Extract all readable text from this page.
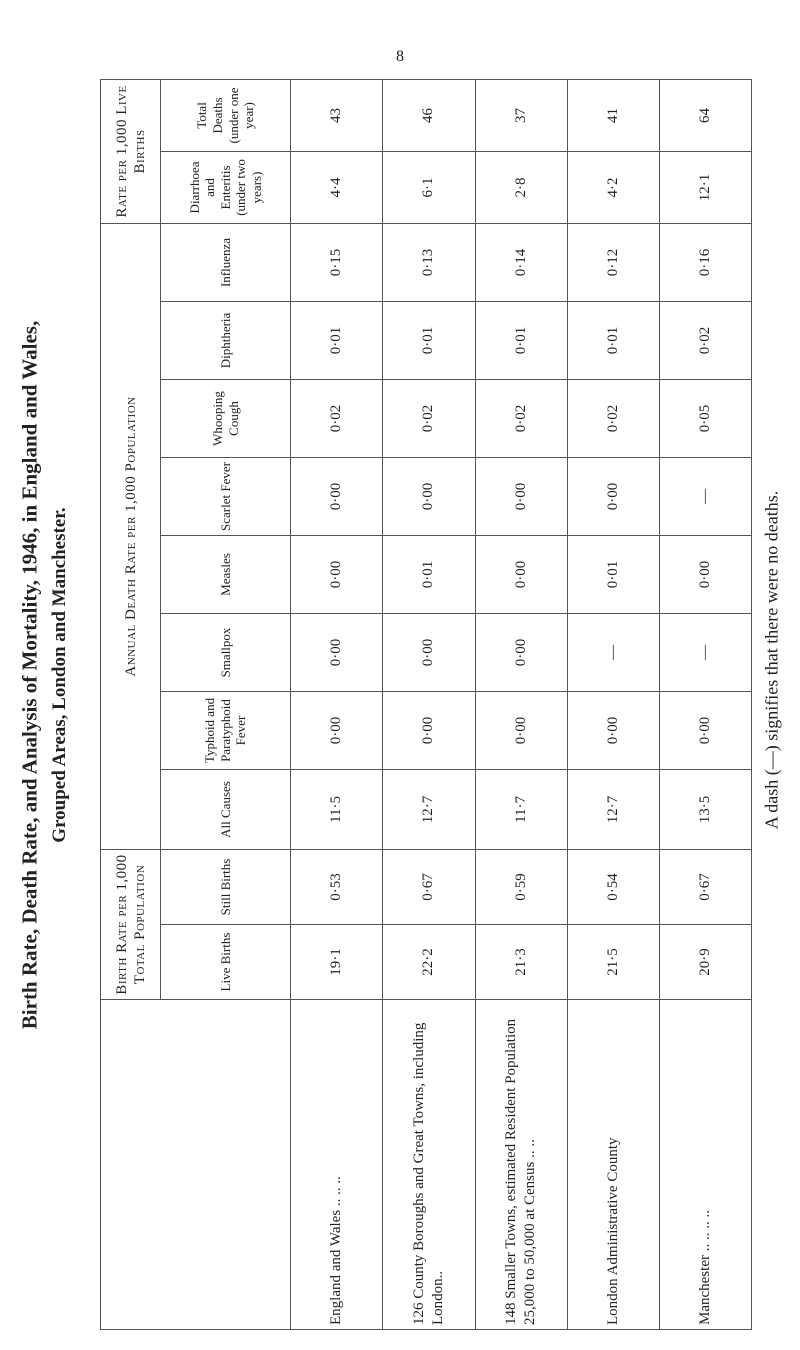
8
Birth Rate, Death Rate, and Analysis of Mortality, 1946, in England and Wales, Grouped Areas, London and Manchester.
	Birth Rate per 1,000 Total Population		Annual Death Rate per 1,000 Population								Rate per 1,000 Live Births	
	Live Births	Still Births	All Causes	Typhoid and Paratyphoid Fever	Smallpox	Measles	Scarlet Fever	Whooping Cough	Diphtheria	Influenza	Diarrhoea and Enteritis (under two years)	Total Deaths (under one year)
England and Wales .. .. ..	19·1	0·53	11·5	0·00	0·00	0·00	0·00	0·02	0·01	0·15	4·4	43
126 County Boroughs and Great Towns, including London..	22·2	0·67	12·7	0·00	0·00	0·01	0·00	0·02	0·01	0·13	6·1	46
148 Smaller Towns, estimated Resident Population 25,000 to 50,000 at Census .. ..	21·3	0·59	11·7	0·00	0·00	0·00	0·00	0·02	0·01	0·14	2·8	37
London Administrative County	21·5	0·54	12·7	0·00	—	0·01	0·00	0·02	0·01	0·12	4·2	41
Manchester .. .. .. ..	20·9	0·67	13·5	0·00	—	0·00	—	0·05	0·02	0·16	12·1	64
A dash (—) signifies that there were no deaths.
